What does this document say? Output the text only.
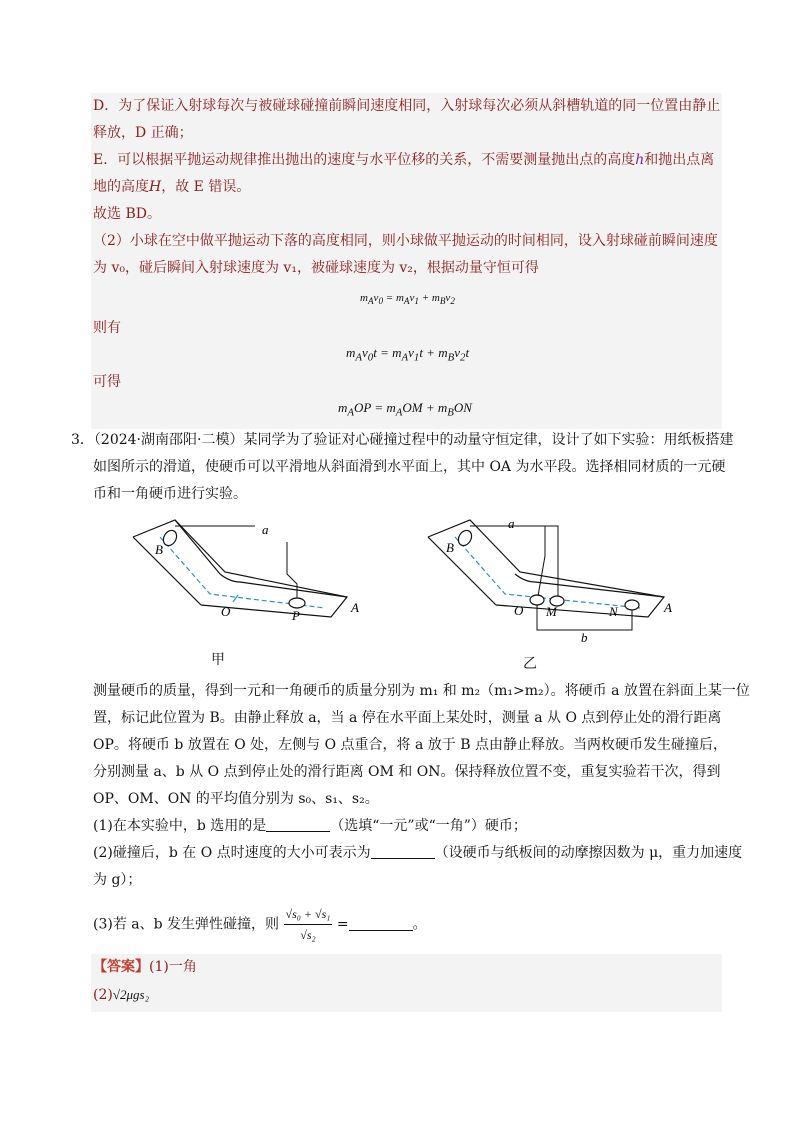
D．为了保证入射球每次与被碰球碰撞前瞬间速度相同，入射球每次必须从斜槽轨道的同一位置由静止
释放，D 正确；
E．可以根据平抛运动规律推出抛出的速度与水平位移的关系，不需要测量抛出点的高度h和抛出点离
地的高度H，故 E 错误。
故选 BD。
（2）小球在空中做平抛运动下落的高度相同，则小球做平抛运动的时间相同，设入射球碰前瞬间速度
为 v₀，碰后瞬间入射球速度为 v₁，被碰球速度为 v₂，根据动量守恒可得
$m_Av_0 = m_Av_1 + m_Bv_2$
则有
$m_Av_0t = m_Av_1t + m_Bv_2t$
可得
$m_AOP = m_AOM + m_BON$
3．（2024·湖南邵阳·二模）某同学为了验证对心碰撞过程中的动量守恒定律，设计了如下实验：用纸板搭建
如图所示的滑道，使硬币可以平滑地从斜面滑到水平面上，其中 OA 为水平段。选择相同材质的一元硬
币和一角硬币进行实验。
a
B
O	P
A
甲
a
B
O M	N	A
b
乙
测量硬币的质量，得到一元和一角硬币的质量分别为 m₁ 和 m₂（m₁>m₂）。将硬币 a 放置在斜面上某一位
置，标记此位置为 B。由静止释放 a，当 a 停在水平面上某处时，测量 a 从 O 点到停止处的滑行距离
OP。将硬币 b 放置在 O 处，左侧与 O 点重合，将 a 放于 B 点由静止释放。当两枚硬币发生碰撞后，
分别测量 a、b 从 O 点到停止处的滑行距离 OM 和 ON。保持释放位置不变，重复实验若干次，得到
OP、OM、ON 的平均值分别为 s₀、s₁、s₂。
(1)在本实验中，b 选用的是	（选填“一元”或“一角”）硬币；
(2)碰撞后，b 在 O 点时速度的大小可表示为	（设硬币与纸板间的动摩擦因数为 μ，重力加速度
为 g）；
(3)若 a、b 发生弹性碰撞，则 $\frac{\text{√s₀ + √s₁}}{\text{√s₂}}$ =	。
【答案】(1)一角
(2)√2μgs₂
